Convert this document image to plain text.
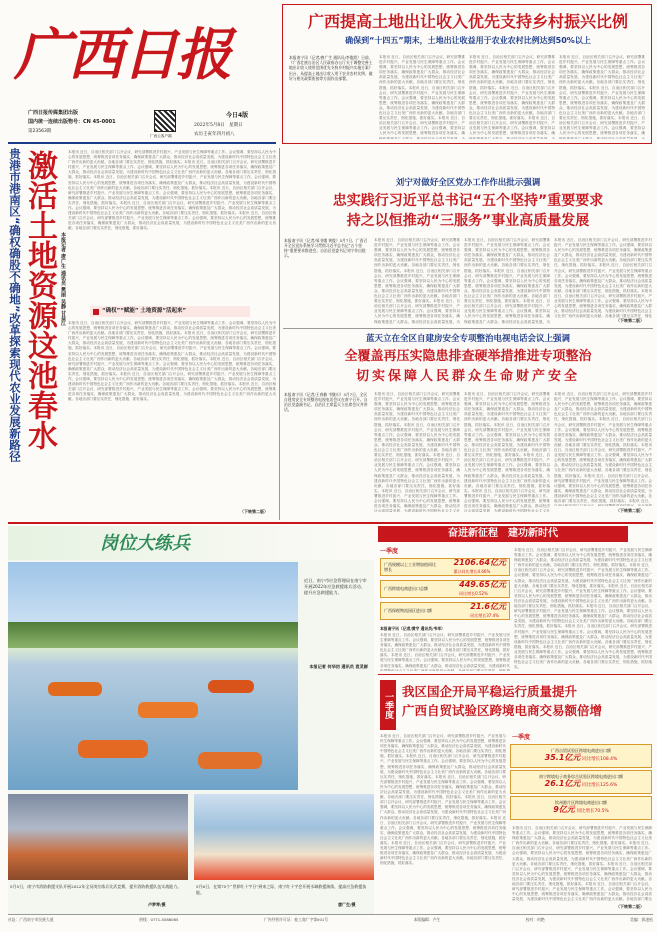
广西日报
广西日报传媒集团出版
国内统一连续出版物号：CN 45-0001
第23563期
广西云客户端
今日4版
2022年5月8日　星期日
农历壬寅年四月初八
广西提高土地出让收入优先支持乡村振兴比例
确保到“十四五”期末，土地出让收益用于农业农村比例达到50%以上
本报南宁讯（记者/唐广生 通讯员/李俊欣）日前，《广西壮族自治区人民政府办公厅关于调整完善土地出让收入使用范围优先支持乡村振兴实施方案》出台，从提高土地出让收入用于农业农村比例、做好与相关政策衔接等方面作出部署。
本报讯 近日，自治区相关部门召开会议，研究部署推进乡村振兴、产业发展与民生保障等重点工作。会议强调，要坚持以人民为中心的发展思想，统筹推进各项任务落实，确保政策惠及广大群众，推动经济社会高质量发展，为建设新时代中国特色社会主义壮美广西作出新的更大贡献。各地各部门要压实责任，细化措施，抓好落实。本报讯 近日，自治区相关部门召开会议，研究部署推进乡村振兴、产业发展与民生保障等重点工作。会议强调，要坚持以人民为中心的发展思想，统筹推进各项任务落实，确保政策惠及广大群众，推动经济社会高质量发展，为建设新时代中国特色社会主义壮美广西作出新的更大贡献。各地各部门要压实责任，细化措施，抓好落实。本报讯 近日，自治区相关部门召开会议，研究部署推进乡村振兴、产业发展与民生保障等重点工作。会议强调，要坚持以人民为中心的发展思想，统筹推进各项任务落实，确保政策惠及广大群众，推动经济社会高质量发展，为建设新时代中国特色社会主义壮美广西作出新的更大贡献。各地各部门要压实责任，细化措施，抓好落实。本报讯 近日，自治区相关部门召开会议，研究部署推进乡村振兴、产业发展与民生保障等重点工作。会议强调，要坚持以人民为中心的发展思想，统筹推进各项任务落实，确保政策惠及广大群众，推动经济社会高质量发展，为建设新时代中国特色社会主义壮美广西作出新的更大贡献。各地各部门要压实责任，细化措施，抓好落实。本报讯 近日，自治区相关部门召开会议，研究部署推进乡村振兴、产业发展与民生保障等重点工作。会议强调，要坚持以人民为中心的发展思想，统筹推进各项任务落实，确保政策惠及广大群众，推动经济社会高质量发展，为建设新时代中国特色社会主义壮美广西作出新的更大贡献。各地各部门要压实责任，细化措施，抓好落实。本报讯 近日，自治区相关部门召开会议，研究部署推进乡村振兴、产业发展与民生保障等重点工作。会议强调，要坚持以人民为中心的发展思想，统筹推进各项任务落实，确保政策惠及广大群众，推动经济社会高质量发展，为建设新时代中国特色社会主义壮美广西作出新的更大贡献。各地各部门要压实责任，细化措施，抓好落实。
本报讯 近日，自治区相关部门召开会议，研究部署推进乡村振兴、产业发展与民生保障等重点工作。会议强调，要坚持以人民为中心的发展思想，统筹推进各项任务落实，确保政策惠及广大群众，推动经济社会高质量发展，为建设新时代中国特色社会主义壮美广西作出新的更大贡献。各地各部门要压实责任，细化措施，抓好落实。本报讯 近日，自治区相关部门召开会议，研究部署推进乡村振兴、产业发展与民生保障等重点工作。会议强调，要坚持以人民为中心的发展思想，统筹推进各项任务落实，确保政策惠及广大群众，推动经济社会高质量发展，为建设新时代中国特色社会主义壮美广西作出新的更大贡献。各地各部门要压实责任，细化措施，抓好落实。本报讯 近日，自治区相关部门召开会议，研究部署推进乡村振兴、产业发展与民生保障等重点工作。会议强调，要坚持以人民为中心的发展思想，统筹推进各项任务落实，确保政策惠及广大群众，推动经济社会高质量发展，为建设新时代中国特色社会主义壮美广西作出新的更大贡献。各地各部门要压实责任，细化措施，抓好落实。本报讯 近日，自治区相关部门召开会议，研究部署推进乡村振兴、产业发展与民生保障等重点工作。会议强调，要坚持以人民为中心的发展思想，统筹推进各项任务落实，确保政策惠及广大群众，推动经济社会高质量发展，为建设新时代中国特色社会主义壮美广西作出新的更大贡献。各地各部门要压实责任，细化措施，抓好落实。本报讯 近日，自治区相关部门召开会议，研究部署推进乡村振兴、产业发展与民生保障等重点工作。会议强调，要坚持以人民为中心的发展思想，统筹推进各项任务落实，确保政策惠及广大群众，推动经济社会高质量发展，为建设新时代中国特色社会主义壮美广西作出新的更大贡献。各地各部门要压实责任，细化措施，抓好落实。本报讯 近日，自治区相关部门召开会议，研究部署推进乡村振兴、产业发展与民生保障等重点工作。会议强调，要坚持以人民为中心的发展思想，统筹推进各项任务落实，确保政策惠及广大群众，推动经济社会高质量发展，为建设新时代中国特色社会主义壮美广西作出新的更大贡献。各地各部门要压实责任，细化措施，抓好落实。
本报讯 近日，自治区相关部门召开会议，研究部署推进乡村振兴、产业发展与民生保障等重点工作。会议强调，要坚持以人民为中心的发展思想，统筹推进各项任务落实，确保政策惠及广大群众，推动经济社会高质量发展，为建设新时代中国特色社会主义壮美广西作出新的更大贡献。各地各部门要压实责任，细化措施，抓好落实。本报讯 近日，自治区相关部门召开会议，研究部署推进乡村振兴、产业发展与民生保障等重点工作。会议强调，要坚持以人民为中心的发展思想，统筹推进各项任务落实，确保政策惠及广大群众，推动经济社会高质量发展，为建设新时代中国特色社会主义壮美广西作出新的更大贡献。各地各部门要压实责任，细化措施，抓好落实。本报讯 近日，自治区相关部门召开会议，研究部署推进乡村振兴、产业发展与民生保障等重点工作。会议强调，要坚持以人民为中心的发展思想，统筹推进各项任务落实，确保政策惠及广大群众，推动经济社会高质量发展，为建设新时代中国特色社会主义壮美广西作出新的更大贡献。各地各部门要压实责任，细化措施，抓好落实。本报讯 近日，自治区相关部门召开会议，研究部署推进乡村振兴、产业发展与民生保障等重点工作。会议强调，要坚持以人民为中心的发展思想，统筹推进各项任务落实，确保政策惠及广大群众，推动经济社会高质量发展，为建设新时代中国特色社会主义壮美广西作出新的更大贡献。各地各部门要压实责任，细化措施，抓好落实。本报讯 近日，自治区相关部门召开会议，研究部署推进乡村振兴、产业发展与民生保障等重点工作。会议强调，要坚持以人民为中心的发展思想，统筹推进各项任务落实，确保政策惠及广大群众，推动经济社会高质量发展，为建设新时代中国特色社会主义壮美广西作出新的更大贡献。各地各部门要压实责任，细化措施，抓好落实。本报讯 近日，自治区相关部门召开会议，研究部署推进乡村振兴、产业发展与民生保障等重点工作。会议强调，要坚持以人民为中心的发展思想，统筹推进各项任务落实，确保政策惠及广大群众，推动经济社会高质量发展，为建设新时代中国特色社会主义壮美广西作出新的更大贡献。各地各部门要压实责任，细化措施，抓好落实。
贵港市港南区“确权确股不确地”改革探索现代农业发展新路径 激活土地资源这池春水 本报记者 唐广生 通讯员 樊丽 吴静 甘益江
本报讯 近日，自治区相关部门召开会议，研究部署推进乡村振兴、产业发展与民生保障等重点工作。会议强调，要坚持以人民为中心的发展思想，统筹推进各项任务落实，确保政策惠及广大群众，推动经济社会高质量发展，为建设新时代中国特色社会主义壮美广西作出新的更大贡献。各地各部门要压实责任，细化措施，抓好落实。本报讯 近日，自治区相关部门召开会议，研究部署推进乡村振兴、产业发展与民生保障等重点工作。会议强调，要坚持以人民为中心的发展思想，统筹推进各项任务落实，确保政策惠及广大群众，推动经济社会高质量发展，为建设新时代中国特色社会主义壮美广西作出新的更大贡献。各地各部门要压实责任，细化措施，抓好落实。本报讯 近日，自治区相关部门召开会议，研究部署推进乡村振兴、产业发展与民生保障等重点工作。会议强调，要坚持以人民为中心的发展思想，统筹推进各项任务落实，确保政策惠及广大群众，推动经济社会高质量发展，为建设新时代中国特色社会主义壮美广西作出新的更大贡献。各地各部门要压实责任，细化措施，抓好落实。本报讯 近日，自治区相关部门召开会议，研究部署推进乡村振兴、产业发展与民生保障等重点工作。会议强调，要坚持以人民为中心的发展思想，统筹推进各项任务落实，确保政策惠及广大群众，推动经济社会高质量发展，为建设新时代中国特色社会主义壮美广西作出新的更大贡献。各地各部门要压实责任，细化措施，抓好落实。本报讯 近日，自治区相关部门召开会议，研究部署推进乡村振兴、产业发展与民生保障等重点工作。会议强调，要坚持以人民为中心的发展思想，统筹推进各项任务落实，确保政策惠及广大群众，推动经济社会高质量发展，为建设新时代中国特色社会主义壮美广西作出新的更大贡献。各地各部门要压实责任，细化措施，抓好落实。本报讯 近日，自治区相关部门召开会议，研究部署推进乡村振兴、产业发展与民生保障等重点工作。会议强调，要坚持以人民为中心的发展思想，统筹推进各项任务落实，确保政策惠及广大群众，推动经济社会高质量发展，为建设新时代中国特色社会主义壮美广西作出新的更大贡献。各地各部门要压实责任，细化措施，抓好落实。	“确权”“赋能” 土地资源“活起来”
本报讯 近日，自治区相关部门召开会议，研究部署推进乡村振兴、产业发展与民生保障等重点工作。会议强调，要坚持以人民为中心的发展思想，统筹推进各项任务落实，确保政策惠及广大群众，推动经济社会高质量发展，为建设新时代中国特色社会主义壮美广西作出新的更大贡献。各地各部门要压实责任，细化措施，抓好落实。本报讯 近日，自治区相关部门召开会议，研究部署推进乡村振兴、产业发展与民生保障等重点工作。会议强调，要坚持以人民为中心的发展思想，统筹推进各项任务落实，确保政策惠及广大群众，推动经济社会高质量发展，为建设新时代中国特色社会主义壮美广西作出新的更大贡献。各地各部门要压实责任，细化措施，抓好落实。本报讯 近日，自治区相关部门召开会议，研究部署推进乡村振兴、产业发展与民生保障等重点工作。会议强调，要坚持以人民为中心的发展思想，统筹推进各项任务落实，确保政策惠及广大群众，推动经济社会高质量发展，为建设新时代中国特色社会主义壮美广西作出新的更大贡献。各地各部门要压实责任，细化措施，抓好落实。本报讯 近日，自治区相关部门召开会议，研究部署推进乡村振兴、产业发展与民生保障等重点工作。会议强调，要坚持以人民为中心的发展思想，统筹推进各项任务落实，确保政策惠及广大群众，推动经济社会高质量发展，为建设新时代中国特色社会主义壮美广西作出新的更大贡献。各地各部门要压实责任，细化措施，抓好落实。本报讯 近日，自治区相关部门召开会议，研究部署推进乡村振兴、产业发展与民生保障等重点工作。会议强调，要坚持以人民为中心的发展思想，统筹推进各项任务落实，确保政策惠及广大群众，推动经济社会高质量发展，为建设新时代中国特色社会主义壮美广西作出新的更大贡献。各地各部门要压实责任，细化措施，抓好落实。本报讯 近日，自治区相关部门召开会议，研究部署推进乡村振兴、产业发展与民生保障等重点工作。会议强调，要坚持以人民为中心的发展思想，统筹推进各项任务落实，确保政策惠及广大群众，推动经济社会高质量发展，为建设新时代中国特色社会主义壮美广西作出新的更大贡献。各地各部门要压实责任，细化措施，抓好落实。
（下转第二版）
刘宁对做好全区党办工作作出批示强调
忠实践行习近平总书记“五个坚持”重要要求
持之以恒推动“三服务”事业高质量发展
本报南宁讯（记者/邹书娥 黄俊）5月7日，广西召开全区党办系统学习贯彻习近平总书记“五个坚持”重要要求推进会。自治区党委书记刘宁作出批示。
本报讯 近日，自治区相关部门召开会议，研究部署推进乡村振兴、产业发展与民生保障等重点工作。会议强调，要坚持以人民为中心的发展思想，统筹推进各项任务落实，确保政策惠及广大群众，推动经济社会高质量发展，为建设新时代中国特色社会主义壮美广西作出新的更大贡献。各地各部门要压实责任，细化措施，抓好落实。本报讯 近日，自治区相关部门召开会议，研究部署推进乡村振兴、产业发展与民生保障等重点工作。会议强调，要坚持以人民为中心的发展思想，统筹推进各项任务落实，确保政策惠及广大群众，推动经济社会高质量发展，为建设新时代中国特色社会主义壮美广西作出新的更大贡献。各地各部门要压实责任，细化措施，抓好落实。本报讯 近日，自治区相关部门召开会议，研究部署推进乡村振兴、产业发展与民生保障等重点工作。会议强调，要坚持以人民为中心的发展思想，统筹推进各项任务落实，确保政策惠及广大群众，推动经济社会高质量发展，为建设新时代中国特色社会主义壮美广西作出新的更大贡献。各地各部门要压实责任，细化措施，抓好落实。本报讯 近日，自治区相关部门召开会议，研究部署推进乡村振兴、产业发展与民生保障等重点工作。会议强调，要坚持以人民为中心的发展思想，统筹推进各项任务落实，确保政策惠及广大群众，推动经济社会高质量发展，为建设新时代中国特色社会主义壮美广西作出新的更大贡献。各地各部门要压实责任，细化措施，抓好落实。本报讯 近日，自治区相关部门召开会议，研究部署推进乡村振兴、产业发展与民生保障等重点工作。会议强调，要坚持以人民为中心的发展思想，统筹推进各项任务落实，确保政策惠及广大群众，推动经济社会高质量发展，为建设新时代中国特色社会主义壮美广西作出新的更大贡献。各地各部门要压实责任，细化措施，抓好落实。本报讯 近日，自治区相关部门召开会议，研究部署推进乡村振兴、产业发展与民生保障等重点工作。会议强调，要坚持以人民为中心的发展思想，统筹推进各项任务落实，确保政策惠及广大群众，推动经济社会高质量发展，为建设新时代中国特色社会主义壮美广西作出新的更大贡献。各地各部门要压实责任，细化措施，抓好落实。
本报讯 近日，自治区相关部门召开会议，研究部署推进乡村振兴、产业发展与民生保障等重点工作。会议强调，要坚持以人民为中心的发展思想，统筹推进各项任务落实，确保政策惠及广大群众，推动经济社会高质量发展，为建设新时代中国特色社会主义壮美广西作出新的更大贡献。各地各部门要压实责任，细化措施，抓好落实。本报讯 近日，自治区相关部门召开会议，研究部署推进乡村振兴、产业发展与民生保障等重点工作。会议强调，要坚持以人民为中心的发展思想，统筹推进各项任务落实，确保政策惠及广大群众，推动经济社会高质量发展，为建设新时代中国特色社会主义壮美广西作出新的更大贡献。各地各部门要压实责任，细化措施，抓好落实。本报讯 近日，自治区相关部门召开会议，研究部署推进乡村振兴、产业发展与民生保障等重点工作。会议强调，要坚持以人民为中心的发展思想，统筹推进各项任务落实，确保政策惠及广大群众，推动经济社会高质量发展，为建设新时代中国特色社会主义壮美广西作出新的更大贡献。各地各部门要压实责任，细化措施，抓好落实。本报讯 近日，自治区相关部门召开会议，研究部署推进乡村振兴、产业发展与民生保障等重点工作。会议强调，要坚持以人民为中心的发展思想，统筹推进各项任务落实，确保政策惠及广大群众，推动经济社会高质量发展，为建设新时代中国特色社会主义壮美广西作出新的更大贡献。各地各部门要压实责任，细化措施，抓好落实。本报讯 近日，自治区相关部门召开会议，研究部署推进乡村振兴、产业发展与民生保障等重点工作。会议强调，要坚持以人民为中心的发展思想，统筹推进各项任务落实，确保政策惠及广大群众，推动经济社会高质量发展，为建设新时代中国特色社会主义壮美广西作出新的更大贡献。各地各部门要压实责任，细化措施，抓好落实。本报讯 近日，自治区相关部门召开会议，研究部署推进乡村振兴、产业发展与民生保障等重点工作。会议强调，要坚持以人民为中心的发展思想，统筹推进各项任务落实，确保政策惠及广大群众，推动经济社会高质量发展，为建设新时代中国特色社会主义壮美广西作出新的更大贡献。各地各部门要压实责任，细化措施，抓好落实。
本报讯 近日，自治区相关部门召开会议，研究部署推进乡村振兴、产业发展与民生保障等重点工作。会议强调，要坚持以人民为中心的发展思想，统筹推进各项任务落实，确保政策惠及广大群众，推动经济社会高质量发展，为建设新时代中国特色社会主义壮美广西作出新的更大贡献。各地各部门要压实责任，细化措施，抓好落实。本报讯 近日，自治区相关部门召开会议，研究部署推进乡村振兴、产业发展与民生保障等重点工作。会议强调，要坚持以人民为中心的发展思想，统筹推进各项任务落实，确保政策惠及广大群众，推动经济社会高质量发展，为建设新时代中国特色社会主义壮美广西作出新的更大贡献。各地各部门要压实责任，细化措施，抓好落实。本报讯 近日，自治区相关部门召开会议，研究部署推进乡村振兴、产业发展与民生保障等重点工作。会议强调，要坚持以人民为中心的发展思想，统筹推进各项任务落实，确保政策惠及广大群众，推动经济社会高质量发展，为建设新时代中国特色社会主义壮美广西作出新的更大贡献。各地各部门要压实责任，细化措施，抓好落实。本报讯 近日，自治区相关部门召开会议，研究部署推进乡村振兴、产业发展与民生保障等重点工作。会议强调，要坚持以人民为中心的发展思想，统筹推进各项任务落实，确保政策惠及广大群众，推动经济社会高质量发展，为建设新时代中国特色社会主义壮美广西作出新的更大贡献。各地各部门要压实责任，细化措施，抓好落实。本报讯 近日，自治区相关部门召开会议，研究部署推进乡村振兴、产业发展与民生保障等重点工作。会议强调，要坚持以人民为中心的发展思想，统筹推进各项任务落实，确保政策惠及广大群众，推动经济社会高质量发展，为建设新时代中国特色社会主义壮美广西作出新的更大贡献。各地各部门要压实责任，细化措施，抓好落实。本报讯 近日，自治区相关部门召开会议，研究部署推进乡村振兴、产业发展与民生保障等重点工作。会议强调，要坚持以人民为中心的发展思想，统筹推进各项任务落实，确保政策惠及广大群众，推动经济社会高质量发展，为建设新时代中国特色社会主义壮美广西作出新的更大贡献。各地各部门要压实责任，细化措施，抓好落实。
（下转第二版）
蓝天立在全区自建房安全专项整治电视电话会议上强调
全覆盖再压实隐患排查硬举措推进专项整治
切实保障人民群众生命财产安全
本报南宁讯（记者/王春楠 韦继川）5月7日，全区自建房安全专项整治电视电话会议在南宁召开。自治区党委副书记、自治区主席蓝天立出席会议并讲话。
本报讯 近日，自治区相关部门召开会议，研究部署推进乡村振兴、产业发展与民生保障等重点工作。会议强调，要坚持以人民为中心的发展思想，统筹推进各项任务落实，确保政策惠及广大群众，推动经济社会高质量发展，为建设新时代中国特色社会主义壮美广西作出新的更大贡献。各地各部门要压实责任，细化措施，抓好落实。本报讯 近日，自治区相关部门召开会议，研究部署推进乡村振兴、产业发展与民生保障等重点工作。会议强调，要坚持以人民为中心的发展思想，统筹推进各项任务落实，确保政策惠及广大群众，推动经济社会高质量发展，为建设新时代中国特色社会主义壮美广西作出新的更大贡献。各地各部门要压实责任，细化措施，抓好落实。本报讯 近日，自治区相关部门召开会议，研究部署推进乡村振兴、产业发展与民生保障等重点工作。会议强调，要坚持以人民为中心的发展思想，统筹推进各项任务落实，确保政策惠及广大群众，推动经济社会高质量发展，为建设新时代中国特色社会主义壮美广西作出新的更大贡献。各地各部门要压实责任，细化措施，抓好落实。本报讯 近日，自治区相关部门召开会议，研究部署推进乡村振兴、产业发展与民生保障等重点工作。会议强调，要坚持以人民为中心的发展思想，统筹推进各项任务落实，确保政策惠及广大群众，推动经济社会高质量发展，为建设新时代中国特色社会主义壮美广西作出新的更大贡献。各地各部门要压实责任，细化措施，抓好落实。本报讯 近日，自治区相关部门召开会议，研究部署推进乡村振兴、产业发展与民生保障等重点工作。会议强调，要坚持以人民为中心的发展思想，统筹推进各项任务落实，确保政策惠及广大群众，推动经济社会高质量发展，为建设新时代中国特色社会主义壮美广西作出新的更大贡献。各地各部门要压实责任，细化措施，抓好落实。本报讯 近日，自治区相关部门召开会议，研究部署推进乡村振兴、产业发展与民生保障等重点工作。会议强调，要坚持以人民为中心的发展思想，统筹推进各项任务落实，确保政策惠及广大群众，推动经济社会高质量发展，为建设新时代中国特色社会主义壮美广西作出新的更大贡献。各地各部门要压实责任，细化措施，抓好落实。
本报讯 近日，自治区相关部门召开会议，研究部署推进乡村振兴、产业发展与民生保障等重点工作。会议强调，要坚持以人民为中心的发展思想，统筹推进各项任务落实，确保政策惠及广大群众，推动经济社会高质量发展，为建设新时代中国特色社会主义壮美广西作出新的更大贡献。各地各部门要压实责任，细化措施，抓好落实。本报讯 近日，自治区相关部门召开会议，研究部署推进乡村振兴、产业发展与民生保障等重点工作。会议强调，要坚持以人民为中心的发展思想，统筹推进各项任务落实，确保政策惠及广大群众，推动经济社会高质量发展，为建设新时代中国特色社会主义壮美广西作出新的更大贡献。各地各部门要压实责任，细化措施，抓好落实。本报讯 近日，自治区相关部门召开会议，研究部署推进乡村振兴、产业发展与民生保障等重点工作。会议强调，要坚持以人民为中心的发展思想，统筹推进各项任务落实，确保政策惠及广大群众，推动经济社会高质量发展，为建设新时代中国特色社会主义壮美广西作出新的更大贡献。各地各部门要压实责任，细化措施，抓好落实。本报讯 近日，自治区相关部门召开会议，研究部署推进乡村振兴、产业发展与民生保障等重点工作。会议强调，要坚持以人民为中心的发展思想，统筹推进各项任务落实，确保政策惠及广大群众，推动经济社会高质量发展，为建设新时代中国特色社会主义壮美广西作出新的更大贡献。各地各部门要压实责任，细化措施，抓好落实。本报讯 近日，自治区相关部门召开会议，研究部署推进乡村振兴、产业发展与民生保障等重点工作。会议强调，要坚持以人民为中心的发展思想，统筹推进各项任务落实，确保政策惠及广大群众，推动经济社会高质量发展，为建设新时代中国特色社会主义壮美广西作出新的更大贡献。各地各部门要压实责任，细化措施，抓好落实。本报讯 近日，自治区相关部门召开会议，研究部署推进乡村振兴、产业发展与民生保障等重点工作。会议强调，要坚持以人民为中心的发展思想，统筹推进各项任务落实，确保政策惠及广大群众，推动经济社会高质量发展，为建设新时代中国特色社会主义壮美广西作出新的更大贡献。各地各部门要压实责任，细化措施，抓好落实。
本报讯 近日，自治区相关部门召开会议，研究部署推进乡村振兴、产业发展与民生保障等重点工作。会议强调，要坚持以人民为中心的发展思想，统筹推进各项任务落实，确保政策惠及广大群众，推动经济社会高质量发展，为建设新时代中国特色社会主义壮美广西作出新的更大贡献。各地各部门要压实责任，细化措施，抓好落实。本报讯 近日，自治区相关部门召开会议，研究部署推进乡村振兴、产业发展与民生保障等重点工作。会议强调，要坚持以人民为中心的发展思想，统筹推进各项任务落实，确保政策惠及广大群众，推动经济社会高质量发展，为建设新时代中国特色社会主义壮美广西作出新的更大贡献。各地各部门要压实责任，细化措施，抓好落实。本报讯 近日，自治区相关部门召开会议，研究部署推进乡村振兴、产业发展与民生保障等重点工作。会议强调，要坚持以人民为中心的发展思想，统筹推进各项任务落实，确保政策惠及广大群众，推动经济社会高质量发展，为建设新时代中国特色社会主义壮美广西作出新的更大贡献。各地各部门要压实责任，细化措施，抓好落实。本报讯 近日，自治区相关部门召开会议，研究部署推进乡村振兴、产业发展与民生保障等重点工作。会议强调，要坚持以人民为中心的发展思想，统筹推进各项任务落实，确保政策惠及广大群众，推动经济社会高质量发展，为建设新时代中国特色社会主义壮美广西作出新的更大贡献。各地各部门要压实责任，细化措施，抓好落实。本报讯 近日，自治区相关部门召开会议，研究部署推进乡村振兴、产业发展与民生保障等重点工作。会议强调，要坚持以人民为中心的发展思想，统筹推进各项任务落实，确保政策惠及广大群众，推动经济社会高质量发展，为建设新时代中国特色社会主义壮美广西作出新的更大贡献。各地各部门要压实责任，细化措施，抓好落实。本报讯 近日，自治区相关部门召开会议，研究部署推进乡村振兴、产业发展与民生保障等重点工作。会议强调，要坚持以人民为中心的发展思想，统筹推进各项任务落实，确保政策惠及广大群众，推动经济社会高质量发展，为建设新时代中国特色社会主义壮美广西作出新的更大贡献。各地各部门要压实责任，细化措施，抓好落实。
（下转第二版）
岗位大练兵
近日，南宁市应急管理局在南宁市开展2022年应急救援练兵活动，提升应急救援能力。
本报记者 何华初 通讯员 袁灵群
5月5日，南宁市消防救援支队开展2022年全员岗位练兵比武竞赛，提升消防救援队伍实战能力。
卢梦琴/摄
5月6日，在第75个“世界红十字日”到来之际，南宁红十字会开展水域救援演练，提高应急救援技能。
唐广生/摄
奋进新征程　建功新时代
一季度
广西规模以上工业增加值同比增长
2106.64亿元
累计同比增长4.66%
广西跨境电商进出口总额	449.65亿元
同比增长0.52%
广西保税物流园区进出口额	21.6亿元
同比增长37.4%
本报讯 近日，自治区相关部门召开会议，研究部署推进乡村振兴、产业发展与民生保障等重点工作。会议强调，要坚持以人民为中心的发展思想，统筹推进各项任务落实，确保政策惠及广大群众，推动经济社会高质量发展，为建设新时代中国特色社会主义壮美广西作出新的更大贡献。各地各部门要压实责任，细化措施，抓好落实。本报讯 近日，自治区相关部门召开会议，研究部署推进乡村振兴、产业发展与民生保障等重点工作。会议强调，要坚持以人民为中心的发展思想，统筹推进各项任务落实，确保政策惠及广大群众，推动经济社会高质量发展，为建设新时代中国特色社会主义壮美广西作出新的更大贡献。各地各部门要压实责任，细化措施，抓好落实。本报讯 近日，自治区相关部门召开会议，研究部署推进乡村振兴、产业发展与民生保障等重点工作。会议强调，要坚持以人民为中心的发展思想，统筹推进各项任务落实，确保政策惠及广大群众，推动经济社会高质量发展，为建设新时代中国特色社会主义壮美广西作出新的更大贡献。各地各部门要压实责任，细化措施，抓好落实。本报讯 近日，自治区相关部门召开会议，研究部署推进乡村振兴、产业发展与民生保障等重点工作。会议强调，要坚持以人民为中心的发展思想，统筹推进各项任务落实，确保政策惠及广大群众，推动经济社会高质量发展，为建设新时代中国特色社会主义壮美广西作出新的更大贡献。各地各部门要压实责任，细化措施，抓好落实。本报讯 近日，自治区相关部门召开会议，研究部署推进乡村振兴、产业发展与民生保障等重点工作。会议强调，要坚持以人民为中心的发展思想，统筹推进各项任务落实，确保政策惠及广大群众，推动经济社会高质量发展，为建设新时代中国特色社会主义壮美广西作出新的更大贡献。各地各部门要压实责任，细化措施，抓好落实。本报讯 近日，自治区相关部门召开会议，研究部署推进乡村振兴、产业发展与民生保障等重点工作。会议强调，要坚持以人民为中心的发展思想，统筹推进各项任务落实，确保政策惠及广大群众，推动经济社会高质量发展，为建设新时代中国特色社会主义壮美广西作出新的更大贡献。各地各部门要压实责任，细化措施，抓好落实。
本报南宁讯（记者/黄宇 通讯员/韦幸）
本报讯 近日，自治区相关部门召开会议，研究部署推进乡村振兴、产业发展与民生保障等重点工作。会议强调，要坚持以人民为中心的发展思想，统筹推进各项任务落实，确保政策惠及广大群众，推动经济社会高质量发展，为建设新时代中国特色社会主义壮美广西作出新的更大贡献。各地各部门要压实责任，细化措施，抓好落实。本报讯 近日，自治区相关部门召开会议，研究部署推进乡村振兴、产业发展与民生保障等重点工作。会议强调，要坚持以人民为中心的发展思想，统筹推进各项任务落实，确保政策惠及广大群众，推动经济社会高质量发展，为建设新时代中国特色社会主义壮美广西作出新的更大贡献。各地各部门要压实责任，细化措施，抓好落实。本报讯 近日，自治区相关部门召开会议，研究部署推进乡村振兴、产业发展与民生保障等重点工作。会议强调，要坚持以人民为中心的发展思想，统筹推进各项任务落实，确保政策惠及广大群众，推动经济社会高质量发展，为建设新时代中国特色社会主义壮美广西作出新的更大贡献。各地各部门要压实责任，细化措施，抓好落实。本报讯 近日，自治区相关部门召开会议，研究部署推进乡村振兴、产业发展与民生保障等重点工作。会议强调，要坚持以人民为中心的发展思想，统筹推进各项任务落实，确保政策惠及广大群众，推动经济社会高质量发展，为建设新时代中国特色社会主义壮美广西作出新的更大贡献。各地各部门要压实责任，细化措施，抓好落实。本报讯 近日，自治区相关部门召开会议，研究部署推进乡村振兴、产业发展与民生保障等重点工作。会议强调，要坚持以人民为中心的发展思想，统筹推进各项任务落实，确保政策惠及广大群众，推动经济社会高质量发展，为建设新时代中国特色社会主义壮美广西作出新的更大贡献。各地各部门要压实责任，细化措施，抓好落实。本报讯 近日，自治区相关部门召开会议，研究部署推进乡村振兴、产业发展与民生保障等重点工作。会议强调，要坚持以人民为中心的发展思想，统筹推进各项任务落实，确保政策惠及广大群众，推动经济社会高质量发展，为建设新时代中国特色社会主义壮美广西作出新的更大贡献。各地各部门要压实责任，细化措施，抓好落实。
一季度 我区国企开局平稳运行质量提升
广西自贸试验区跨境电商交易额倍增
本报讯 近日，自治区相关部门召开会议，研究部署推进乡村振兴、产业发展与民生保障等重点工作。会议强调，要坚持以人民为中心的发展思想，统筹推进各项任务落实，确保政策惠及广大群众，推动经济社会高质量发展，为建设新时代中国特色社会主义壮美广西作出新的更大贡献。各地各部门要压实责任，细化措施，抓好落实。本报讯 近日，自治区相关部门召开会议，研究部署推进乡村振兴、产业发展与民生保障等重点工作。会议强调，要坚持以人民为中心的发展思想，统筹推进各项任务落实，确保政策惠及广大群众，推动经济社会高质量发展，为建设新时代中国特色社会主义壮美广西作出新的更大贡献。各地各部门要压实责任，细化措施，抓好落实。本报讯 近日，自治区相关部门召开会议，研究部署推进乡村振兴、产业发展与民生保障等重点工作。会议强调，要坚持以人民为中心的发展思想，统筹推进各项任务落实，确保政策惠及广大群众，推动经济社会高质量发展，为建设新时代中国特色社会主义壮美广西作出新的更大贡献。各地各部门要压实责任，细化措施，抓好落实。本报讯 近日，自治区相关部门召开会议，研究部署推进乡村振兴、产业发展与民生保障等重点工作。会议强调，要坚持以人民为中心的发展思想，统筹推进各项任务落实，确保政策惠及广大群众，推动经济社会高质量发展，为建设新时代中国特色社会主义壮美广西作出新的更大贡献。各地各部门要压实责任，细化措施，抓好落实。本报讯 近日，自治区相关部门召开会议，研究部署推进乡村振兴、产业发展与民生保障等重点工作。会议强调，要坚持以人民为中心的发展思想，统筹推进各项任务落实，确保政策惠及广大群众，推动经济社会高质量发展，为建设新时代中国特色社会主义壮美广西作出新的更大贡献。各地各部门要压实责任，细化措施，抓好落实。本报讯 近日，自治区相关部门召开会议，研究部署推进乡村振兴、产业发展与民生保障等重点工作。会议强调，要坚持以人民为中心的发展思想，统筹推进各项任务落实，确保政策惠及广大群众，推动经济社会高质量发展，为建设新时代中国特色社会主义壮美广西作出新的更大贡献。各地各部门要压实责任，细化措施，抓好落实。
一季度
广西自贸试验区跨境电商进出口额
35.1亿元 同比增长108.4%
南宁跨境电子商务综合试验区跨境电商进出口额
26.1亿元 同比增长125.6%
钦州港片区跨境电商进出口额
9亿元 同比增长70.5%
本报讯 近日，自治区相关部门召开会议，研究部署推进乡村振兴、产业发展与民生保障等重点工作。会议强调，要坚持以人民为中心的发展思想，统筹推进各项任务落实，确保政策惠及广大群众，推动经济社会高质量发展，为建设新时代中国特色社会主义壮美广西作出新的更大贡献。各地各部门要压实责任，细化措施，抓好落实。本报讯 近日，自治区相关部门召开会议，研究部署推进乡村振兴、产业发展与民生保障等重点工作。会议强调，要坚持以人民为中心的发展思想，统筹推进各项任务落实，确保政策惠及广大群众，推动经济社会高质量发展，为建设新时代中国特色社会主义壮美广西作出新的更大贡献。各地各部门要压实责任，细化措施，抓好落实。本报讯 近日，自治区相关部门召开会议，研究部署推进乡村振兴、产业发展与民生保障等重点工作。会议强调，要坚持以人民为中心的发展思想，统筹推进各项任务落实，确保政策惠及广大群众，推动经济社会高质量发展，为建设新时代中国特色社会主义壮美广西作出新的更大贡献。各地各部门要压实责任，细化措施，抓好落实。本报讯 近日，自治区相关部门召开会议，研究部署推进乡村振兴、产业发展与民生保障等重点工作。会议强调，要坚持以人民为中心的发展思想，统筹推进各项任务落实，确保政策惠及广大群众，推动经济社会高质量发展，为建设新时代中国特色社会主义壮美广西作出新的更大贡献。各地各部门要压实责任，细化措施，抓好落实。本报讯 近日，自治区相关部门召开会议，研究部署推进乡村振兴、产业发展与民生保障等重点工作。会议强调，要坚持以人民为中心的发展思想，统筹推进各项任务落实，确保政策惠及广大群众，推动经济社会高质量发展，为建设新时代中国特色社会主义壮美广西作出新的更大贡献。各地各部门要压实责任，细化措施，抓好落实。本报讯 近日，自治区相关部门召开会议，研究部署推进乡村振兴、产业发展与民生保障等重点工作。会议强调，要坚持以人民为中心的发展思想，统筹推进各项任务落实，确保政策惠及广大群众，推动经济社会高质量发展，为建设新时代中国特色社会主义壮美广西作出新的更大贡献。各地各部门要压实责任，细化措施，抓好落实。
（下转第二版）
社址：广西南宁市民族大道	热线：0771-5088065	广告经营许可证：桂工商广字第001号	本版编辑：卢生	校对：何艳	美编：郭凌松
